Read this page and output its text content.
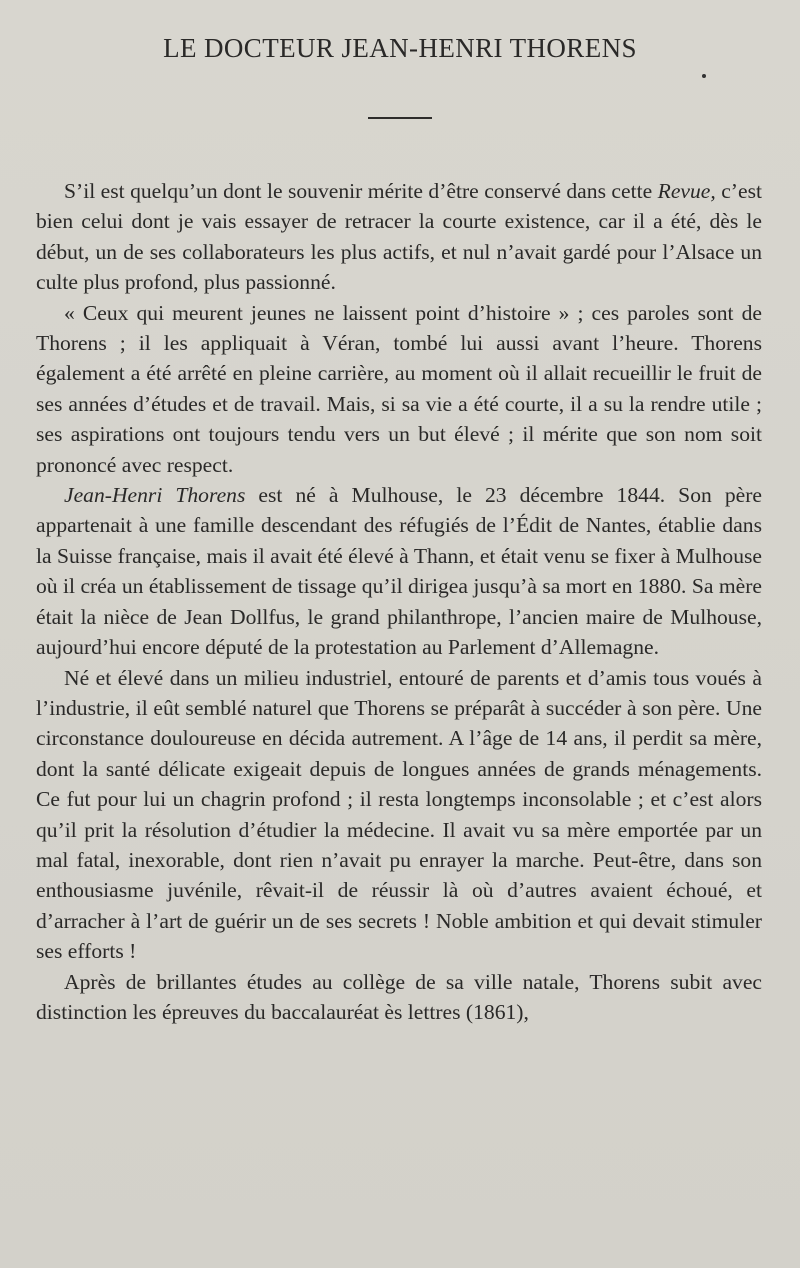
LE DOCTEUR JEAN-HENRI THORENS

S’il est quelqu’un dont le souvenir mérite d’être conservé dans cette Revue, c’est bien celui dont je vais essayer de retracer la courte existence, car il a été, dès le début, un de ses collaborateurs les plus actifs, et nul n’avait gardé pour l’Alsace un culte plus profond, plus passionné.

« Ceux qui meurent jeunes ne laissent point d’histoire » ; ces paroles sont de Thorens ; il les appliquait à Véran, tombé lui aussi avant l’heure. Thorens également a été arrêté en pleine carrière, au moment où il allait recueillir le fruit de ses années d’études et de travail. Mais, si sa vie a été courte, il a su la rendre utile ; ses aspirations ont toujours tendu vers un but élevé ; il mérite que son nom soit prononcé avec respect.

Jean-Henri Thorens est né à Mulhouse, le 23 décembre 1844. Son père appartenait à une famille descendant des réfugiés de l’Édit de Nantes, établie dans la Suisse française, mais il avait été élevé à Thann, et était venu se fixer à Mulhouse où il créa un établissement de tissage qu’il dirigea jusqu’à sa mort en 1880. Sa mère était la nièce de Jean Dollfus, le grand philanthrope, l’ancien maire de Mulhouse, aujourd’hui encore député de la protestation au Parlement d’Allemagne.

Né et élevé dans un milieu industriel, entouré de parents et d’amis tous voués à l’industrie, il eût semblé naturel que Thorens se préparât à succéder à son père. Une circonstance douloureuse en décida autrement. A l’âge de 14 ans, il perdit sa mère, dont la santé délicate exigeait depuis de longues années de grands ménagements. Ce fut pour lui un chagrin profond ; il resta longtemps inconsolable ; et c’est alors qu’il prit la résolution d’étudier la médecine. Il avait vu sa mère emportée par un mal fatal, inexorable, dont rien n’avait pu enrayer la marche. Peut-être, dans son enthousiasme juvénile, rêvait-il de réussir là où d’autres avaient échoué, et d’arracher à l’art de guérir un de ses secrets ! Noble ambition et qui devait stimuler ses efforts !

Après de brillantes études au collège de sa ville natale, Thorens subit avec distinction les épreuves du baccalauréat ès lettres (1861),
